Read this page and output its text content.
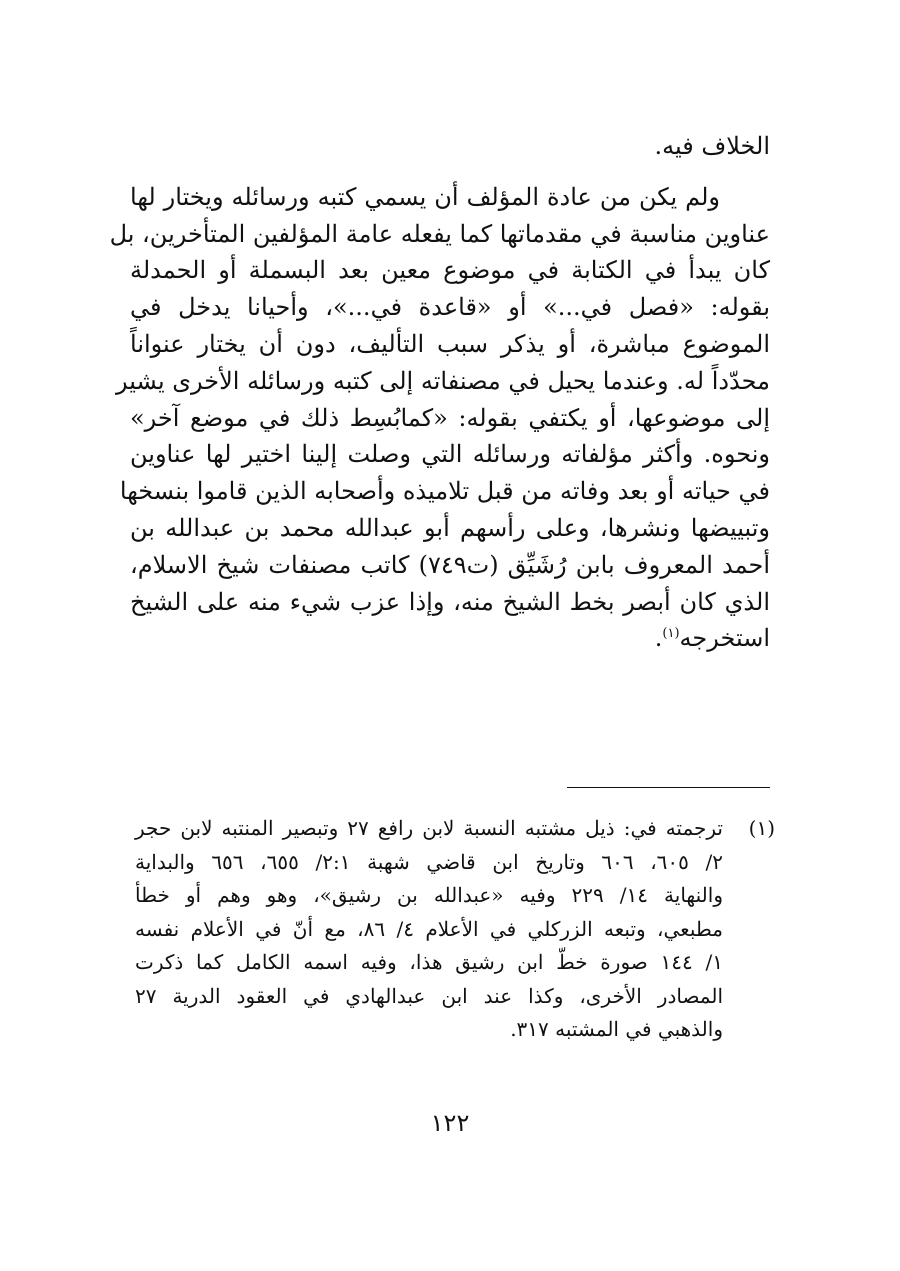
الخلاف فيه.
ولم يكن من عادة المؤلف أن يسمي كتبه ورسائله ويختار لها
عناوين مناسبة في مقدماتها كما يفعله عامة المؤلفين المتأخرين، بل
كان يبدأ في الكتابة في موضوع معين بعد البسملة أو الحمدلة
بقوله: «فصل في...» أو «قاعدة في...»، وأحيانا يدخل في
الموضوع مباشرة، أو يذكر سبب التأليف، دون أن يختار عنواناً
محدّداً له. وعندما يحيل في مصنفاته إلى كتبه ورسائله الأخرى يشير
إلى موضوعها، أو يكتفي بقوله: «كمابُسِط ذلك في موضع آخر»
ونحوه. وأكثر مؤلفاته ورسائله التي وصلت إلينا اختير لها عناوين
في حياته أو بعد وفاته من قبل تلاميذه وأصحابه الذين قاموا بنسخها
وتبييضها ونشرها، وعلى رأسهم أبو عبدالله محمد بن عبدالله بن
أحمد المعروف بابن رُشَيِّق (ت٧٤٩) كاتب مصنفات شيخ الاسلام،
الذي كان أبصر بخط الشيخ منه، وإذا عزب شيء منه على الشيخ
استخرجه$^{(١)}$.
(١)
ترجمته في: ذيل مشتبه النسبة لابن رافع ٢٧ وتبصير المنتبه لابن حجر
٢/ ٦٠٥، ٦٠٦ وتاريخ ابن قاضي شهبة ٢:١/ ٦٥٥، ٦٥٦ والبداية
والنهاية ١٤/ ٢٢٩ وفيه «عبدالله بن رشيق»، وهو وهم أو خطأ
مطبعي، وتبعه الزركلي في الأعلام ٤/ ٨٦، مع أنّ في الأعلام نفسه
١/ ١٤٤ صورة خطّ ابن رشيق هذا، وفيه اسمه الكامل كما ذكرت
المصادر الأخرى، وكذا عند ابن عبدالهادي في العقود الدرية ٢٧
والذهبي في المشتبه ٣١٧.
١٢٢
